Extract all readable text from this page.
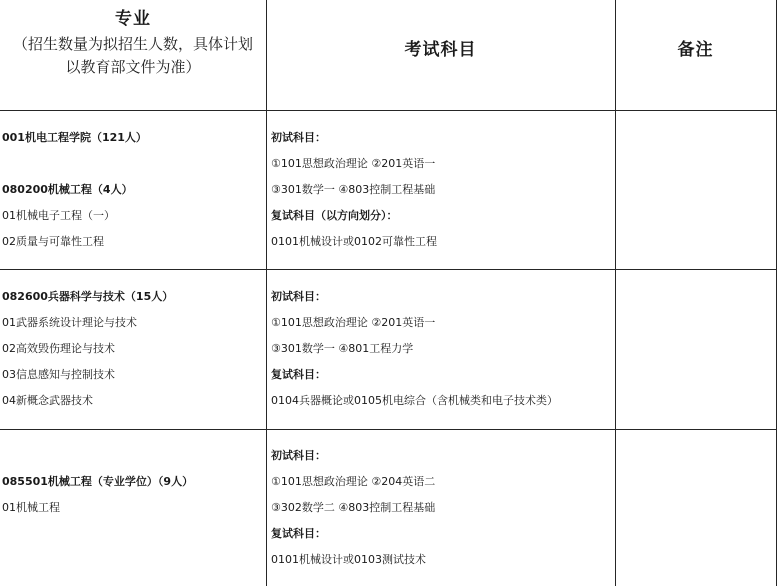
专业
（招生数量为拟招生人数，具体计划
以教育部文件为准）
考试科目	备注
001机电工程学院（121人）
080200机械工程（4人）
01机械电子工程（一）
02质量与可靠性工程
初试科目：
①101思想政治理论 ②201英语一
③301数学一 ④803控制工程基础
复试科目（以方向划分）：
0101机械设计或0102可靠性工程
082600兵器科学与技术（15人）
01武器系统设计理论与技术
02高效毁伤理论与技术
03信息感知与控制技术
04新概念武器技术
初试科目：
①101思想政治理论 ②201英语一
③301数学一 ④801工程力学
复试科目：
0104兵器概论或0105机电综合（含机械类和电子技术类）
085501机械工程（专业学位）（9人）
01机械工程
初试科目：
①101思想政治理论 ②204英语二
③302数学二 ④803控制工程基础
复试科目：
0101机械设计或0103测试技术
